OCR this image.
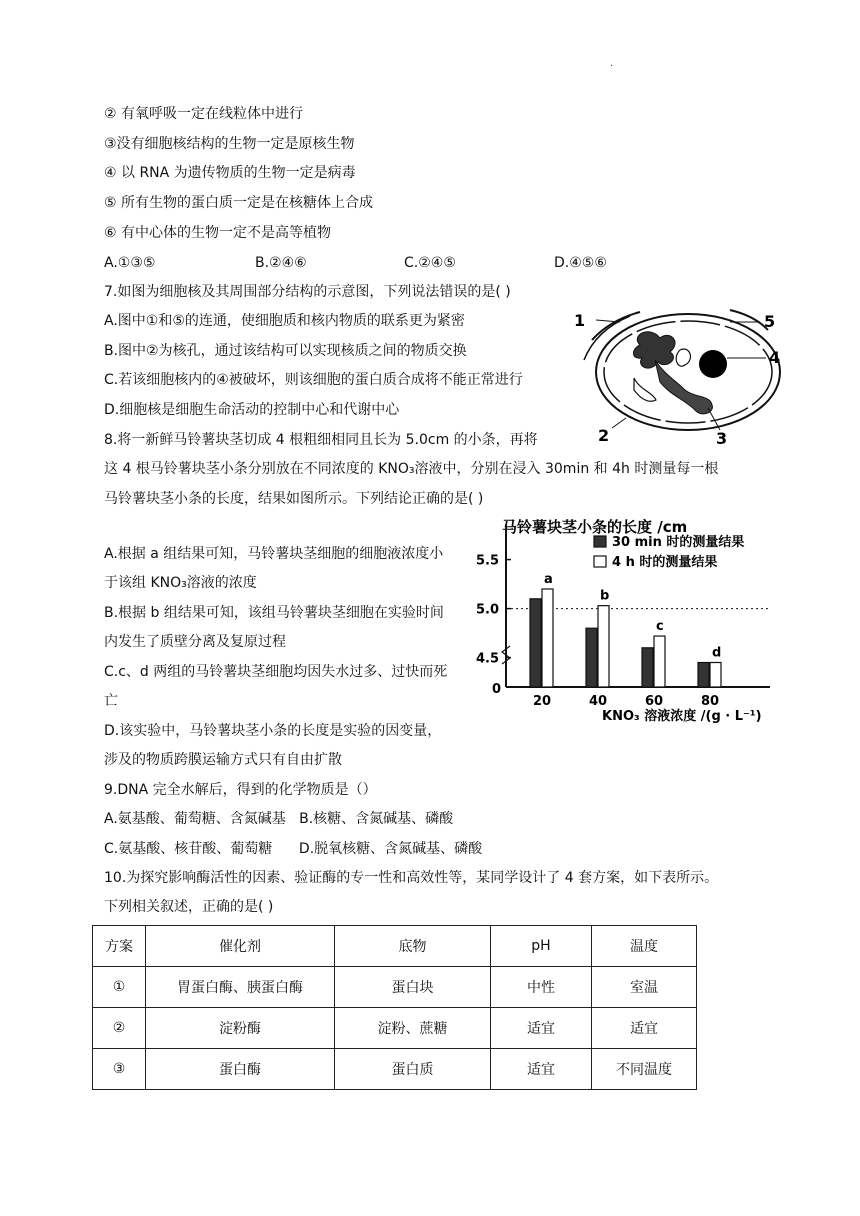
.
② 有氧呼吸一定在线粒体中进行
③没有细胞核结构的生物一定是原核生物
④ 以 RNA 为遗传物质的生物一定是病毒
⑤ 所有生物的蛋白质一定是在核糖体上合成
⑥ 有中心体的生物一定不是高等植物
A.①③⑤	B.②④⑥	C.②④⑤	D.④⑤⑥
7.如图为细胞核及其周围部分结构的示意图，下列说法错误的是( )
A.图中①和⑤的连通，使细胞质和核内物质的联系更为紧密
B.图中②为核孔，通过该结构可以实现核质之间的物质交换
C.若该细胞核内的④被破坏，则该细胞的蛋白质合成将不能正常进行
D.细胞核是细胞生命活动的控制中心和代谢中心
1	5
4
2	3
8.将一新鲜马铃薯块茎切成 4 根粗细相同且长为 5.0cm 的小条，再将
这 4 根马铃薯块茎小条分别放在不同浓度的 KNO₃溶液中，分别在浸入 30min 和 4h 时测量每一根
马铃薯块茎小条的长度，结果如图所示。下列结论正确的是( )
A.根据 a 组结果可知，马铃薯块茎细胞的细胞液浓度小
于该组 KNO₃溶液的浓度
B.根据 b 组结果可知，该组马铃薯块茎细胞在实验时间
内发生了质壁分离及复原过程
C.c、d 两组的马铃薯块茎细胞均因失水过多、过快而死
亡
D.该实验中，马铃薯块茎小条的长度是实验的因变量，
涉及的物质跨膜运输方式只有自由扩散
马铃薯块茎小条的长度 /cm
0
4.5
5.0
5.5
30 min 时的测量结果
4 h 时的测量结果
a
20
b
40
c
60
d
80
KNO₃ 溶液浓度 /(g · L⁻¹)
9.DNA 完全水解后，得到的化学物质是（）
A.氨基酸、葡萄糖、含氮碱基   B.核糖、含氮碱基、磷酸
C.氨基酸、核苷酸、葡萄糖      D.脱氧核糖、含氮碱基、磷酸
10.为探究影响酶活性的因素、验证酶的专一性和高效性等，某同学设计了 4 套方案，如下表所示。
下列相关叙述，正确的是( )
方案	催化剂	底物	pH	温度
①	胃蛋白酶、胰蛋白酶	蛋白块	中性	室温
②	淀粉酶	淀粉、蔗糖	适宜	适宜
③	蛋白酶	蛋白质	适宜	不同温度
